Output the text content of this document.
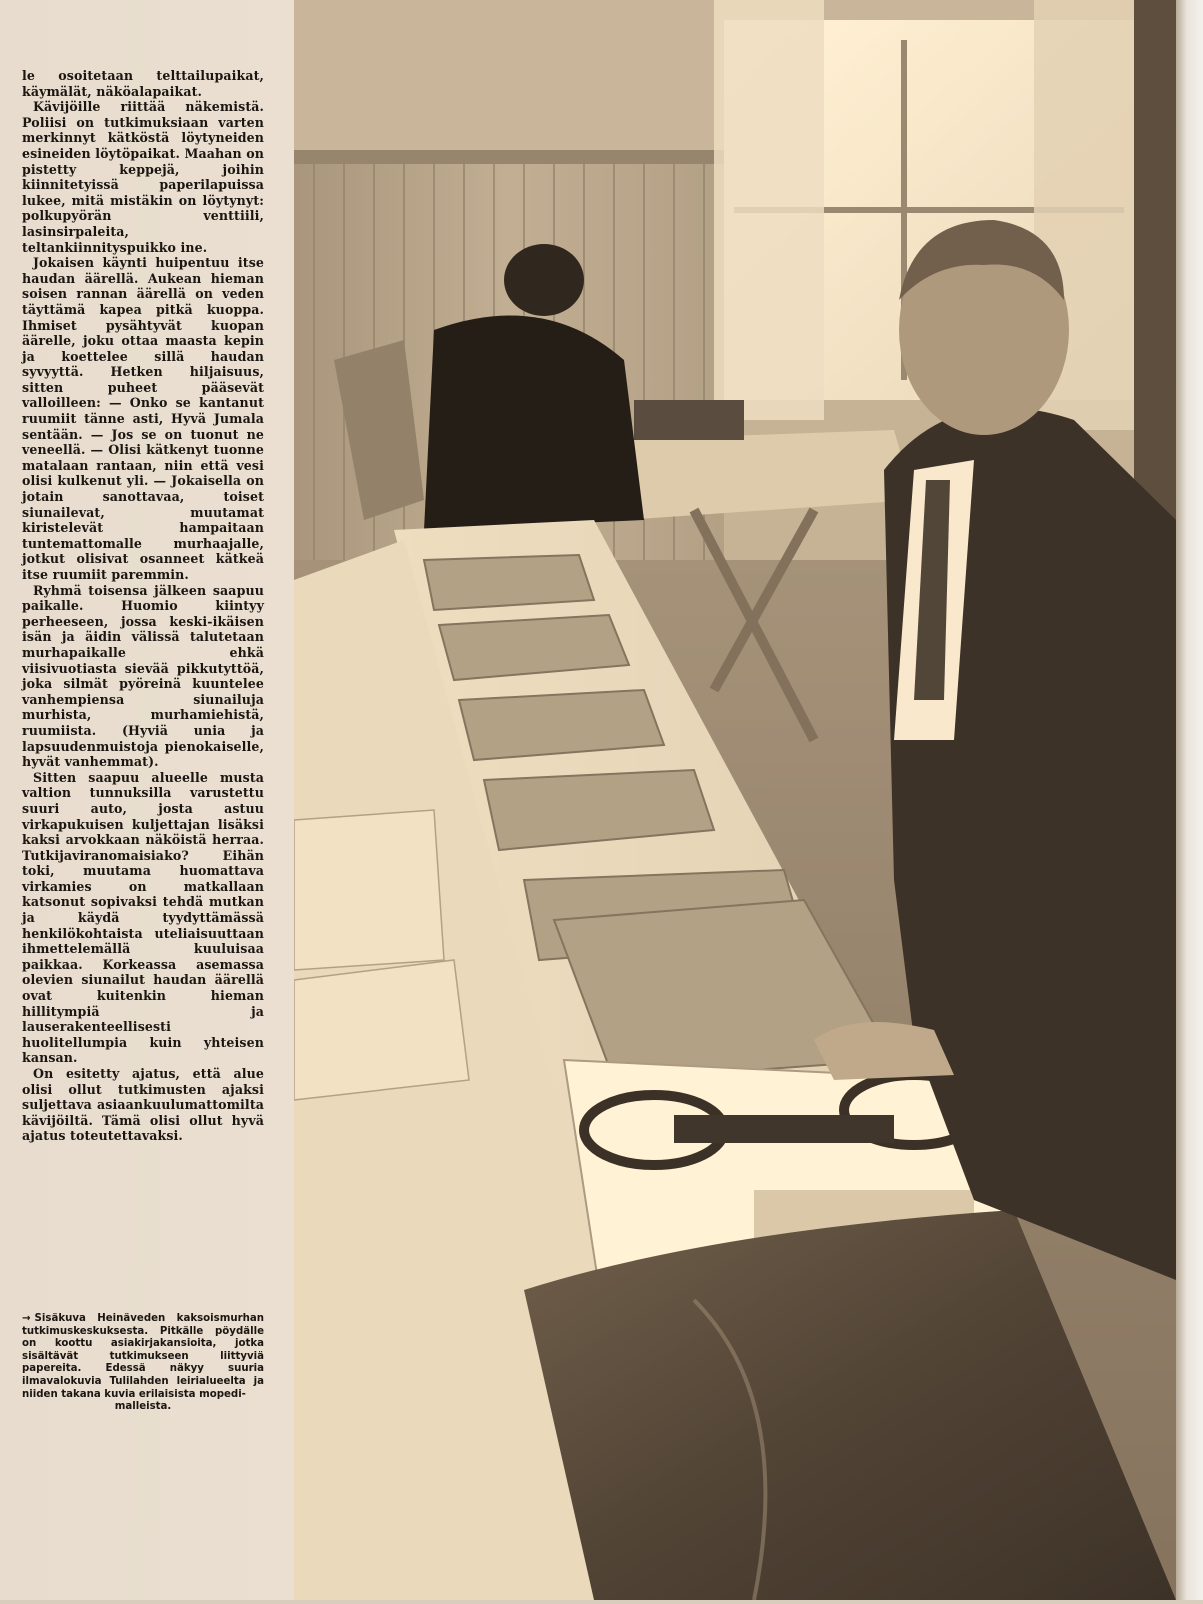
le osoitetaan telttailupaikat, käymälät, näköalapaikat.

Kävijöille riittää näkemistä. Poliisi on tutkimuksiaan varten merkinnyt kätköstä löytyneiden esineiden löytöpaikat. Maahan on pistetty keppejä, joihin kiinnitetyissä paperilapuissa lukee, mitä mistäkin on löytynyt: polkupyörän venttiili, lasinsirpaleita, teltankiinnityspuikko ine.

Jokaisen käynti huipentuu itse haudan äärellä. Aukean hieman soisen rannan äärellä on veden täyttämä kapea pitkä kuoppa. Ihmiset pysähtyvät kuopan äärelle, joku ottaa maasta kepin ja koettelee sillä haudan syvyyttä. Hetken hiljaisuus, sitten puheet pääsevät valloilleen: — Onko se kantanut ruumiit tänne asti, Hyvä Jumala sentään. — Jos se on tuonut ne veneellä. — Olisi kätkenyt tuonne matalaan rantaan, niin että vesi olisi kulkenut yli. — Jokaisella on jotain sanottavaa, toiset siunailevat, muutamat kiristelevät hampaitaan tuntemattomalle murhaajalle, jotkut olisivat osanneet kätkeä itse ruumiit paremmin.

Ryhmä toisensa jälkeen saapuu paikalle. Huomio kiintyy perheeseen, jossa keski-ikäisen isän ja äidin välissä talutetaan murhapaikalle ehkä viisivuotiasta sievää pikkutyttöä, joka silmät pyöreinä kuuntelee vanhempiensa siunailuja murhista, murhamiehistä, ruumiista. (Hyviä unia ja lapsuudenmuistoja pienokaiselle, hyvät vanhemmat).

Sitten saapuu alueelle musta valtion tunnuksilla varustettu suuri auto, josta astuu virkapukuisen kuljettajan lisäksi kaksi arvokkaan näköistä herraa. Tutkijaviranomaisiako? Eihän toki, muutama huomattava virkamies on matkallaan katsonut sopivaksi tehdä mutkan ja käydä tyydyttämässä henkilökohtaista uteliaisuuttaan ihmettelemällä kuuluisaa paikkaa. Korkeassa asemassa olevien siunailut haudan äärellä ovat kuitenkin hieman hillitympiä ja lauserakenteellisesti huolitellumpia kuin yhteisen kansan.

On esitetty ajatus, että alue olisi ollut tutkimusten ajaksi suljettava asiaankuulumattomilta kävijöiltä. Tämä olisi ollut hyvä ajatus toteutettavaksi.

→ Sisäkuva Heinäveden kaksoismurhan tutkimuskeskuksesta. Pitkälle pöydälle on koottu asiakirjakansioita, jotka sisältävät tutkimukseen liittyviä papereita. Edessä näkyy suuria ilmavalokuvia Tulilahden leirialueelta ja niiden takana kuvia erilaisista mopedi-
malleista.
